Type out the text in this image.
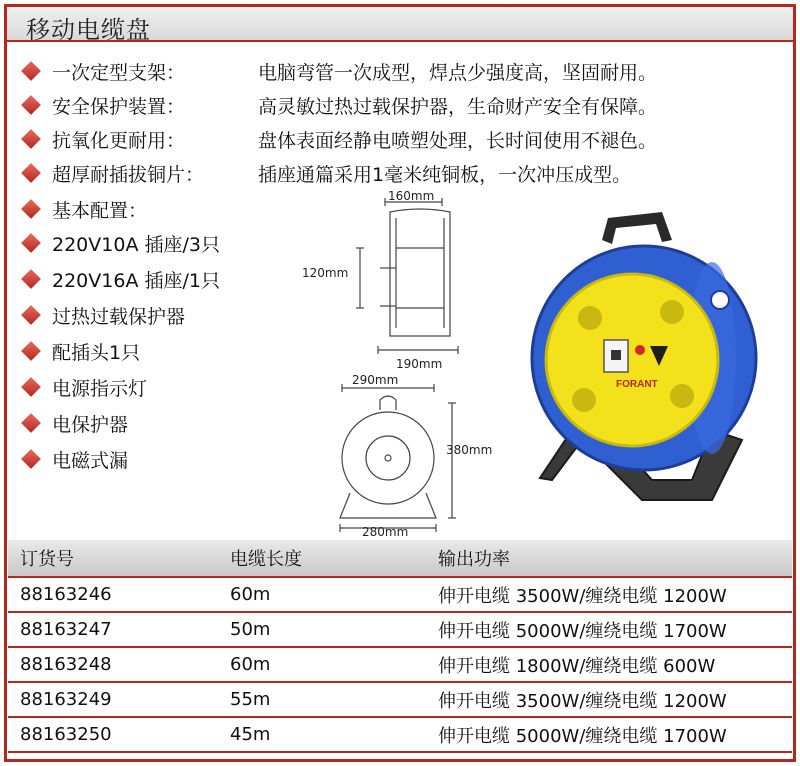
移动电缆盘
一次定型支架：	电脑弯管一次成型，焊点少强度高，坚固耐用。
安全保护装置：	高灵敏过热过载保护器，生命财产安全有保障。
抗氧化更耐用：	盘体表面经静电喷塑处理，长时间使用不褪色。
超厚耐插拔铜片：	插座通篇采用1毫米纯铜板，一次冲压成型。
基本配置：
220V10A 插座/3只
220V16A 插座/1只
过热过载保护器
配插头1只
电源指示灯
电保护器
电磁式漏
160mm
120mm
190mm
290mm
380mm
280mm
FORANT
订货号	电缆长度	输出功率
88163246	60m	伸开电缆 3500W/缠绕电缆 1200W
88163247	50m	伸开电缆 5000W/缠绕电缆 1700W
88163248	60m	伸开电缆 1800W/缠绕电缆 600W
88163249	55m	伸开电缆 3500W/缠绕电缆 1200W
88163250	45m	伸开电缆 5000W/缠绕电缆 1700W
